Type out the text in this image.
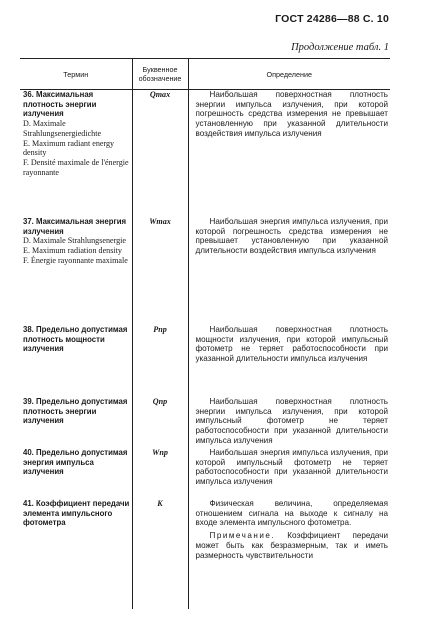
ГОСТ 24286—88 С. 10
Продолжение табл. 1
Термин	Буквенное обозначение	Определение

36. Максимальная плотность энергии излучения

D. Maximale Strahlungsenergiedichte

E. Maximum radiant energy density

F. Densité maximale de l'énergie rayonnante	Qmax	Наибольшая поверхностная плотность энергии импульса излучения, при которой погрешность средства измерения не превышает установленную при указанной длительности воздействия импульса излучения

37. Максимальная энергия излучения

D. Maximale Strahlungsenergie

E. Maximum radiation density

F. Énergie rayonnante maximale	Wmax	Наибольшая энергия импульса излучения, при которой погрешность средства измерения не превышает установленную при указанной длительности воздействия импульса излучения

38. Предельно допустимая плотность мощности излучения	Pпр	Наибольшая поверхностная плотность мощности излучения, при которой импульсный фотометр не теряет работоспособности при указанной длительности импульса излучения

39. Предельно допустимая плотность энергии излучения	Qпр	Наибольшая поверхностная плотность энергии импульса излучения, при которой импульсный фотометр не теряет работоспособности при указанной длительности импульса излучения

40. Предельно допустимая энергия импульса излучения	Wпр	Наибольшая энергия импульса излучения, при которой импульсный фотометр не теряет работоспособности при указанной длительности импульса излучения

41. Коэффициент передачи элемента импульсного фотометра	K	Физическая величина, определяемая отношением сигнала на выходе к сигналу на входе элемента импульсного фотометра.

Примечание. Коэффициент передачи может быть как безразмерным, так и иметь размерность чувствительности
